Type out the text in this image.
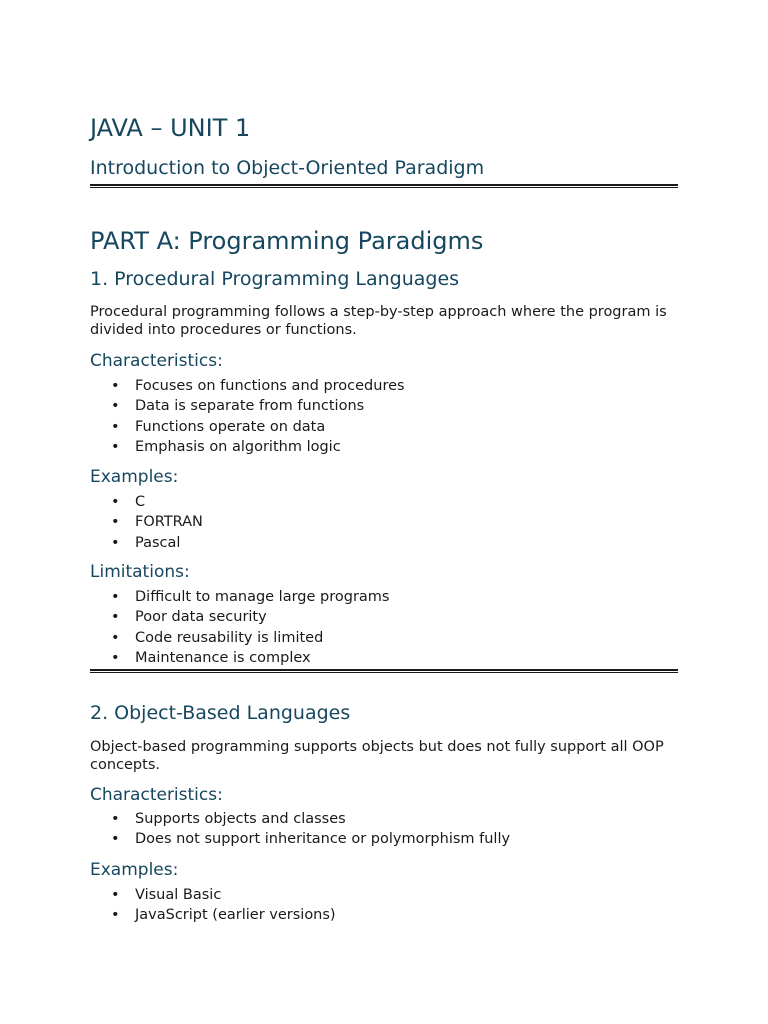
JAVA – UNIT 1
Introduction to Object-Oriented Paradigm
PART A: Programming Paradigms
1. Procedural Programming Languages

Procedural programming follows a step-by-step approach where the program is divided into procedures or functions.

Characteristics:
• Focuses on functions and procedures
• Data is separate from functions
• Functions operate on data
• Emphasis on algorithm logic
Examples:
• C
• FORTRAN
• Pascal
Limitations:
• Difficult to manage large programs
• Poor data security
• Code reusability is limited
• Maintenance is complex
2. Object-Based Languages

Object-based programming supports objects but does not fully support all OOP concepts.

Characteristics:
• Supports objects and classes
• Does not support inheritance or polymorphism fully
Examples:
• Visual Basic
• JavaScript (earlier versions)
